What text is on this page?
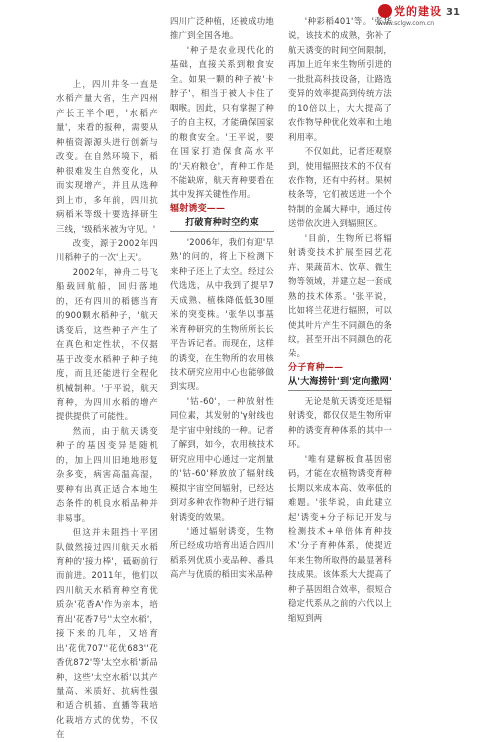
党的建设
www.sclgw.com.cn
31

上，四川井冬一直是水稻产量大省，生产四州产长王半个吧，'水稻产量'，来看的报种，需要从种植资源源头进行创新与改变。在自然环境下，稻种很难发生自然变化，从而实现增产，并且从选种到上市，多年前，四川抗病稻米等级十要选择研生三线，'级稻米被为守见。'

改变，源于2002年四川稻种子的一次'上天'。

2002年，神舟二号飞船载回航船，回归落地的，还有四川的稻德当育的900颗水稻种子，'航天诱变后，这些种子产生了在真色和定性状，不仅据基于改变水稻种子种子纯度，而且还能进行全程化机械制种。'于平说，航天育种，为四川水稻的增产提供提供了可能性。

然而，由于航天诱变种子的基因变异是随机的，加上四川旧地地形复杂多变，病害高温高湿，要种有出真正适合本地生态条件的机良水稻品种并非易事。

但这并未阻挡十平团队做然接过四川航天水稻育种的'接力棒'，砥砺前行而前进。2011年，他们以四川航天水稻育种空育优质杂'花香A'作为亲本，培育出'花香7号''太空水稻'，接下来的几年，又培育出'花优707''花优683''花香优872'等'太空水稻'新品种，这些'太空水稻'以其产量高、米质好、抗病性强和适合机插、直播等栽培化栽培方式的优势，不仅在

四川广泛种植，还被成功地推广到全国各地。

'种子是农业现代化的基础，直接关系到粮食安全。如果一颗的种子被'卡脖子'，相当于被人卡住了咽喉。因此，只有掌握了种子的自主权，才能确保国家的粮食安全。'王平说，要在国家打造保食高水平的'天府粮仓'，育种工作是不能缺席，航天育种要看在其中发挥关键性作用。

辐射诱变——
打破育种时空约束

'2006年，我们有迎'早熟'的问的，将上下检测下来种子还上了太空。经过公代选选，从中我到了提早7天成熟、植株降低低30厘米的突变株。'张华以事基米育种研究的生物所所长长平告诉记者。而现在，这样的诱变，在生物所的农用核技术研究应用中心也能够做到实现。

'钴-60'，一种放射性同位素，其发射的'γ射线也是宇宙中射线的一种。记者了解到，如今，农用核技术研究应用中心通过一定剂量的'钴-60'释放放了辐射线模拟宇宙空间辐射，已经达到对多种农作物种子进行辐射诱变的效果。

'通过辐射诱变，生物所已经成功培育出适合四川稻系列优质小麦品种、番具高产与优质的稻田实米品种

'种彩稻401'等。'张华说，该技术的成熟，弥补了航天诱变的时间空间限制，再加上近年来生物所引进的一批批高科技设备，让路选变异的效率提高到传统方法的10倍以上，大大提高了农作物导种优化效率和土地利用率。

不仅如此，记者还观察到，使用辐照技术的不仅有农作物，还有中药材。果树枝条等，它们被送进一个个特制的金属大释中，通过传送带依次进入到辐照区。

'目前，生物所已将辐射诱变技术扩展至园艺花卉、果蔬苗木、饮草、微生物等领域，并建立起一套成熟的技术体系。'张平说，比如将兰花进行辐照，可以使其叶片产生不同颜色的条纹，甚至开出不同颜色的花朵。

分子育种——
从'大海捞针'到'定向撒网'

无论是航天诱变还是辐射诱变，都仅仅是生物所审种的诱变育种体系的其中一环。

'唯有建解板食基因密码，才能在农植物诱变育种长期以来成本高、效率低的难题。'张华说，由此建立起'诱变+分子标记开发与检测技术+单倍体育种技术'分子育种体系，使提近年来生物所取得的最显著科技成果。该体系大大提高了种子基因组合效率，很短合稳定代系从之前的六代以上缩短到两
